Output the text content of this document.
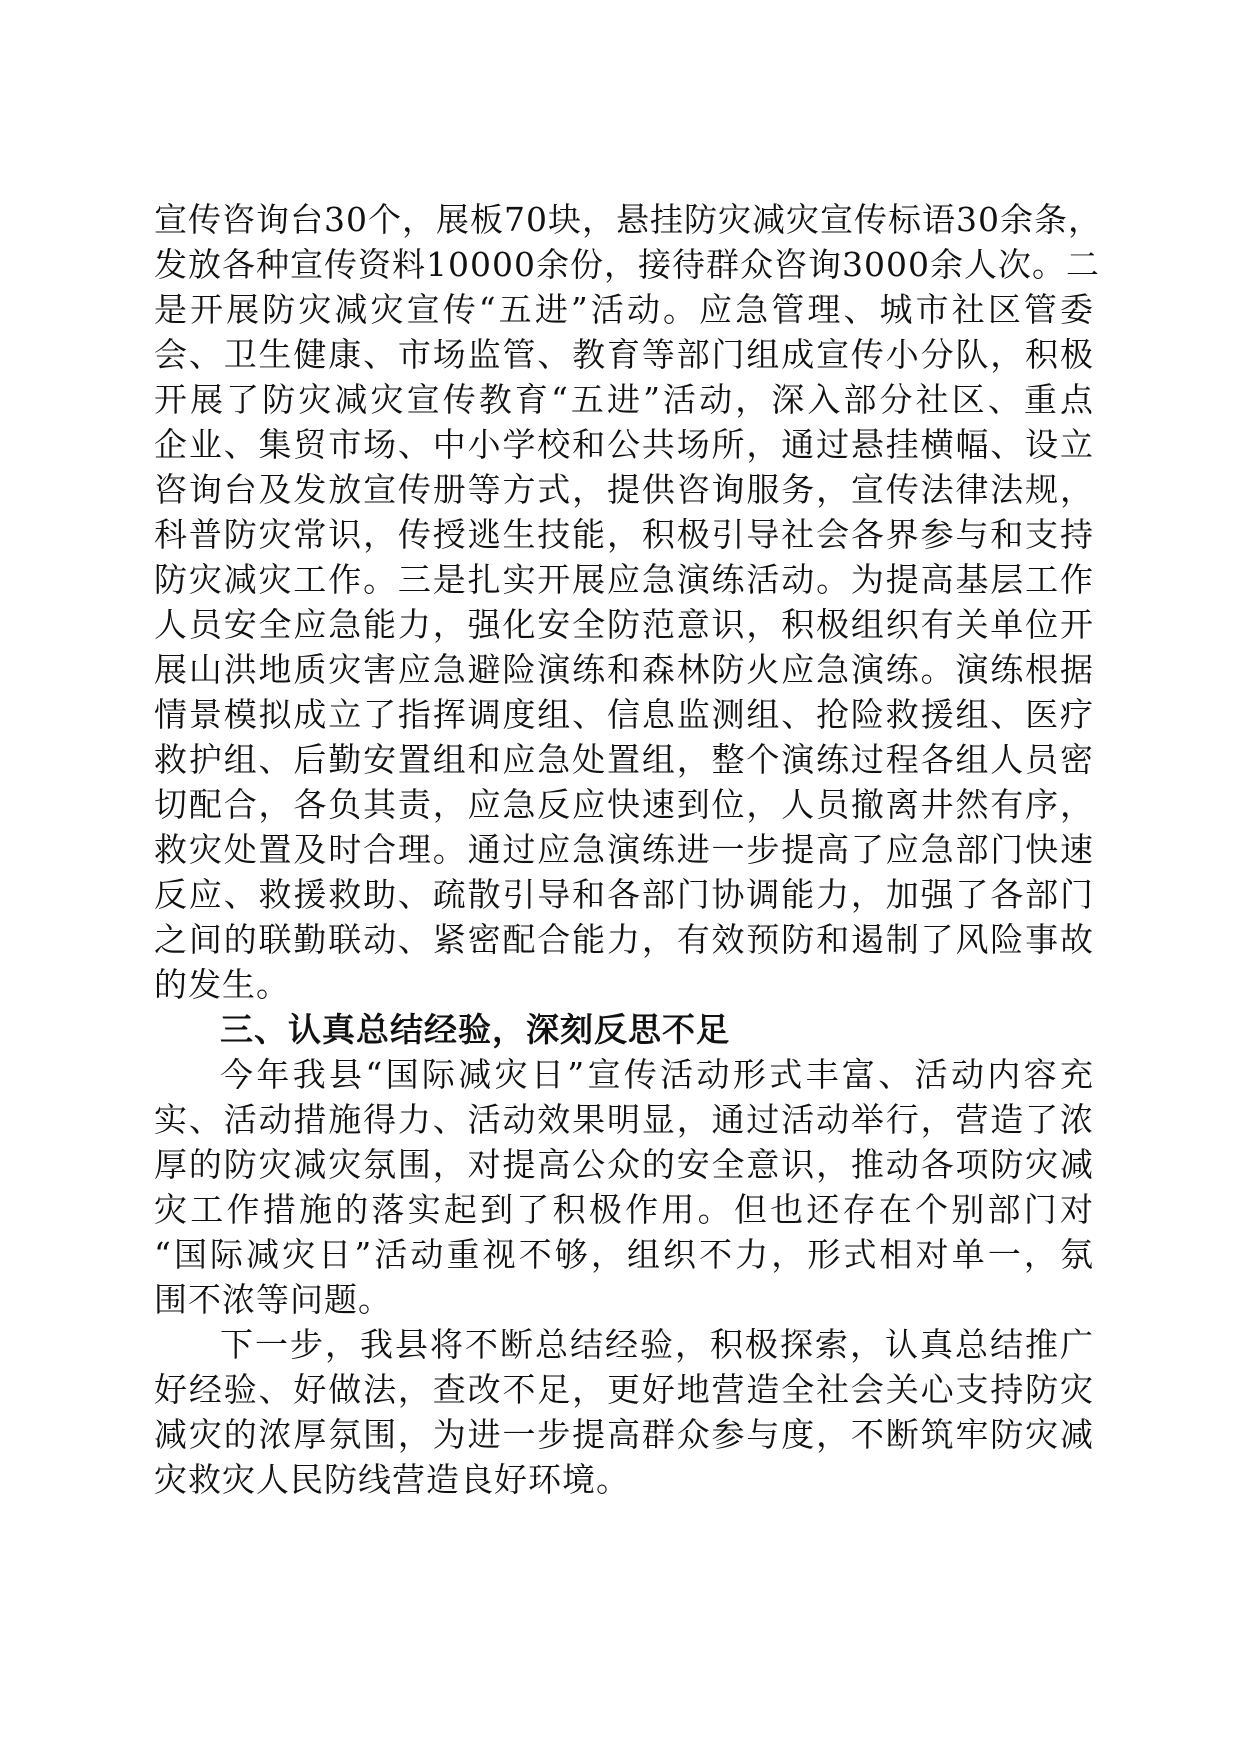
宣传咨询台30个，展板70块，悬挂防灾减灾宣传标语30余条，
发放各种宣传资料10000余份，接待群众咨询3000余人次。二
是开展防灾减灾宣传“五进”活动。应急管理、城市社区管委
会、卫生健康、市场监管、教育等部门组成宣传小分队，积极
开展了防灾减灾宣传教育“五进”活动，深入部分社区、重点
企业、集贸市场、中小学校和公共场所，通过悬挂横幅、设立
咨询台及发放宣传册等方式，提供咨询服务，宣传法律法规，
科普防灾常识，传授逃生技能，积极引导社会各界参与和支持
防灾减灾工作。三是扎实开展应急演练活动。为提高基层工作
人员安全应急能力，强化安全防范意识，积极组织有关单位开
展山洪地质灾害应急避险演练和森林防火应急演练。演练根据
情景模拟成立了指挥调度组、信息监测组、抢险救援组、医疗
救护组、后勤安置组和应急处置组，整个演练过程各组人员密
切配合，各负其责，应急反应快速到位，人员撤离井然有序，
救灾处置及时合理。通过应急演练进一步提高了应急部门快速
反应、救援救助、疏散引导和各部门协调能力，加强了各部门
之间的联勤联动、紧密配合能力，有效预防和遏制了风险事故
的发生。
三、认真总结经验，深刻反思不足
今年我县“国际减灾日”宣传活动形式丰富、活动内容充
实、活动措施得力、活动效果明显，通过活动举行，营造了浓
厚的防灾减灾氛围，对提高公众的安全意识，推动各项防灾减
灾工作措施的落实起到了积极作用。但也还存在个别部门对
“国际减灾日”活动重视不够，组织不力，形式相对单一，氛
围不浓等问题。
下一步，我县将不断总结经验，积极探索，认真总结推广
好经验、好做法，查改不足，更好地营造全社会关心支持防灾
减灾的浓厚氛围，为进一步提高群众参与度，不断筑牢防灾减
灾救灾人民防线营造良好环境。
